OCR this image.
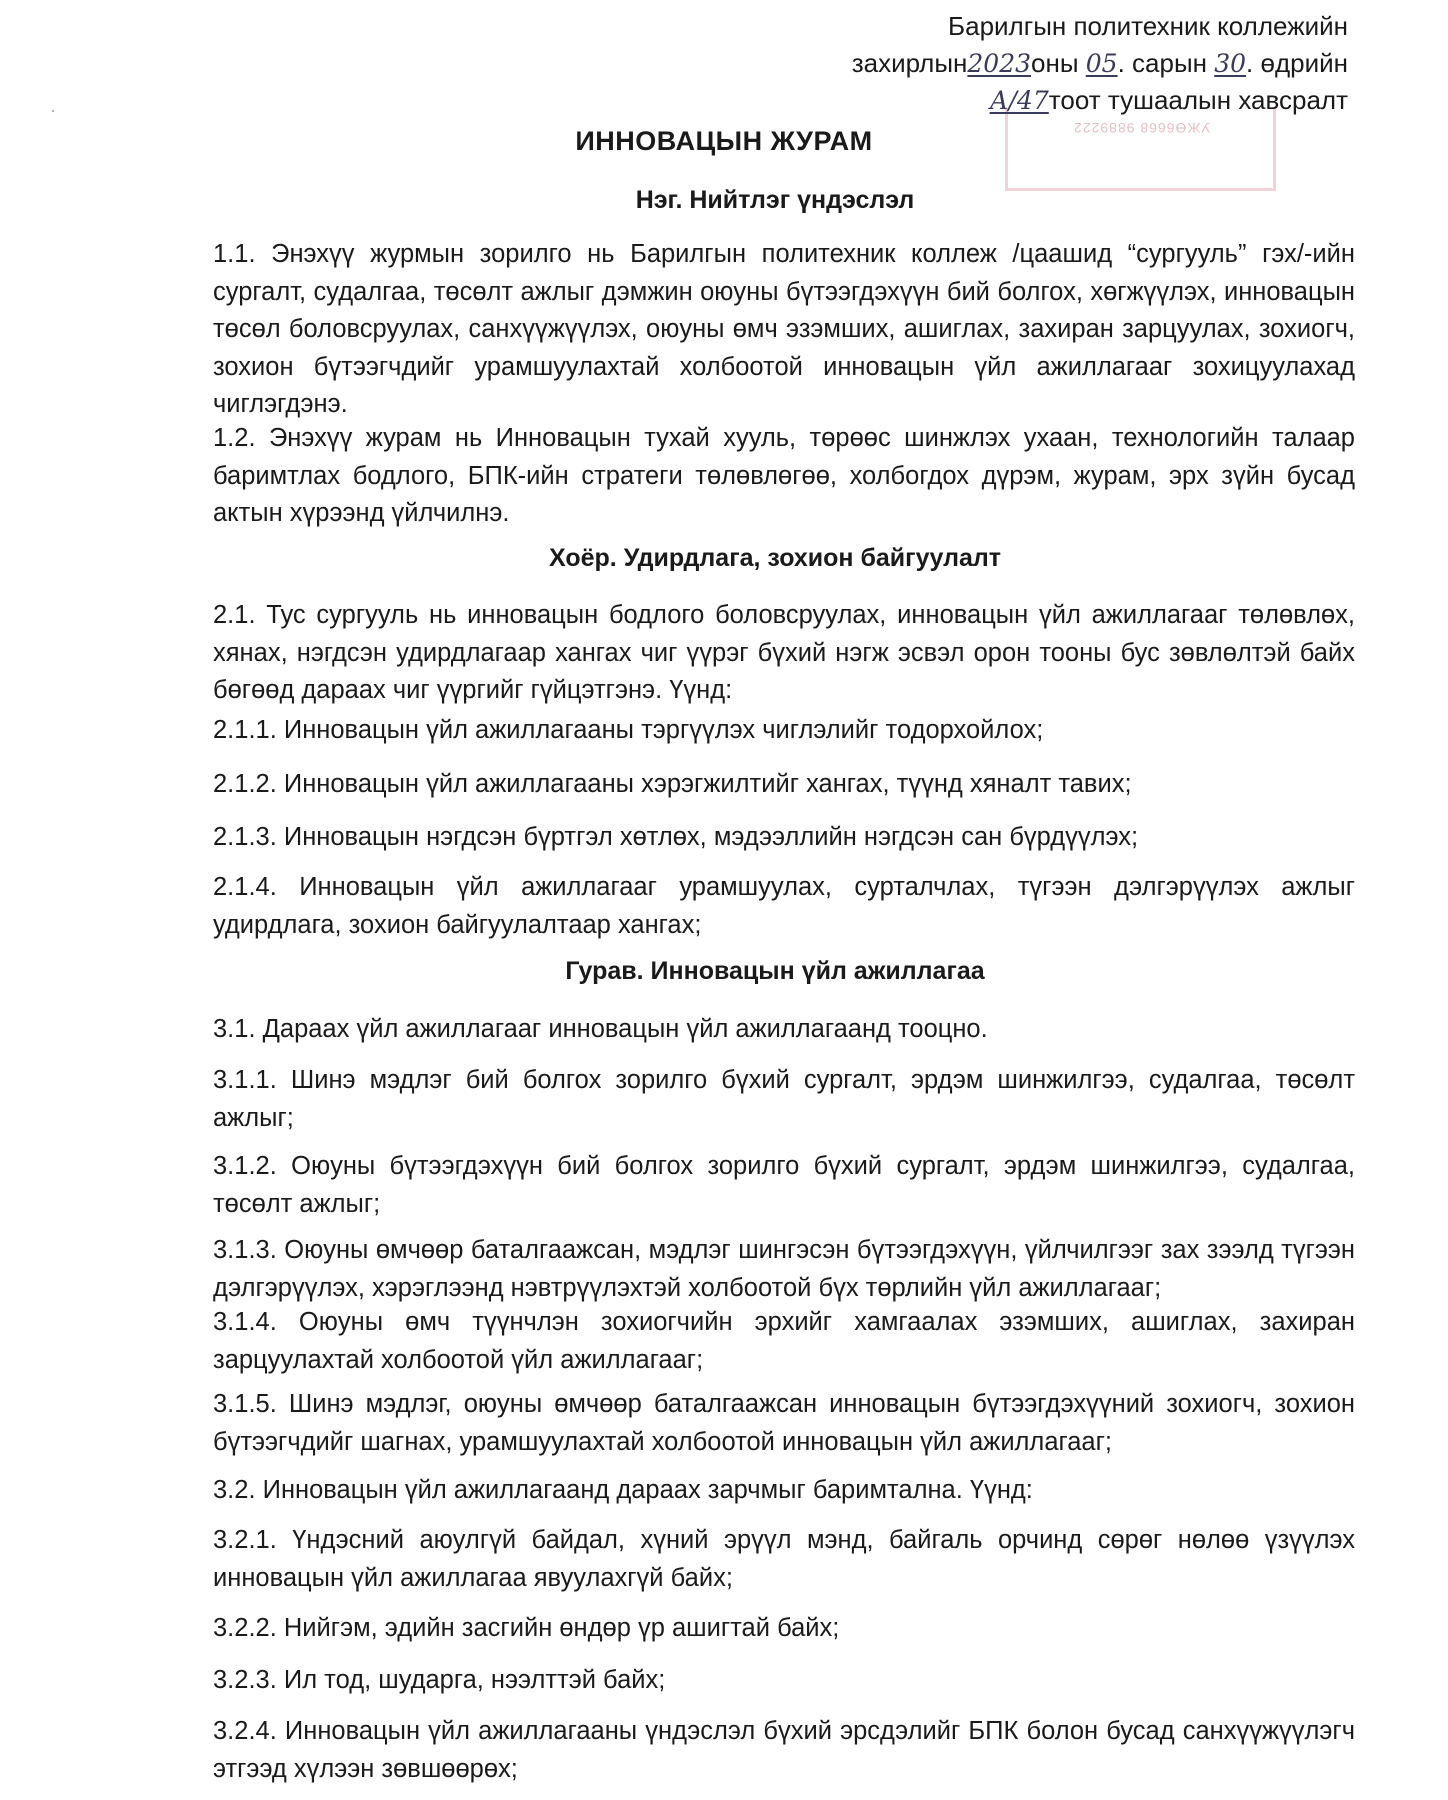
УЖӨ6668 9889222
Барилгын политехник коллежийн
захирлын2023оны 05. сарын 30. өдрийн
А/47тоот тушаалын хавсралт
ИННОВАЦЫН ЖУРАМ
Нэг. Нийтлэг үндэслэл

1.1. Энэхүү журмын зорилго нь Барилгын политехник коллеж /цаашид “сургууль” гэх/-ийн сургалт, судалгаа, төсөлт ажлыг дэмжин оюуны бүтээгдэхүүн бий болгох, хөгжүүлэх, инновацын төсөл боловсруулах, санхүүжүүлэх, оюуны өмч эзэмших, ашиглах, захиран зарцуулах, зохиогч, зохион бүтээгчдийг урамшуулахтай холбоотой инновацын үйл ажиллагааг зохицуулахад чиглэгдэнэ.

1.2. Энэхүү журам нь Инновацын тухай хууль, төрөөс шинжлэх ухаан, технологийн талаар баримтлах бодлого, БПК-ийн стратеги төлөвлөгөө, холбогдох дүрэм, журам, эрх зүйн бусад актын хүрээнд үйлчилнэ.

Хоёр. Удирдлага, зохион байгуулалт

2.1. Тус сургууль нь инновацын бодлого боловсруулах, инновацын үйл ажиллагааг төлөвлөх, хянах, нэгдсэн удирдлагаар хангах чиг үүрэг бүхий нэгж эсвэл орон тооны бус зөвлөлтэй байх бөгөөд дараах чиг үүргийг гүйцэтгэнэ. Үүнд:

2.1.1. Инновацын үйл ажиллагааны тэргүүлэх чиглэлийг тодорхойлох;

2.1.2. Инновацын үйл ажиллагааны хэрэгжилтийг хангах, түүнд хяналт тавих;

2.1.3. Инновацын нэгдсэн бүртгэл хөтлөх, мэдээллийн нэгдсэн сан бүрдүүлэх;

2.1.4. Инновацын үйл ажиллагааг урамшуулах, сурталчлах, түгээн дэлгэрүүлэх ажлыг удирдлага, зохион байгуулалтаар хангах;

Гурав. Инновацын үйл ажиллагаа

3.1. Дараах үйл ажиллагааг инновацын үйл ажиллагаанд тооцно.

3.1.1. Шинэ мэдлэг бий болгох зорилго бүхий сургалт, эрдэм шинжилгээ, судалгаа, төсөлт ажлыг;

3.1.2. Оюуны бүтээгдэхүүн бий болгох зорилго бүхий сургалт, эрдэм шинжилгээ, судалгаа, төсөлт ажлыг;

3.1.3. Оюуны өмчөөр баталгаажсан, мэдлэг шингэсэн бүтээгдэхүүн, үйлчилгээг зах зээлд түгээн дэлгэрүүлэх, хэрэглээнд нэвтрүүлэхтэй холбоотой бүх төрлийн үйл ажиллагааг;

3.1.4. Оюуны өмч түүнчлэн зохиогчийн эрхийг хамгаалах эзэмших, ашиглах, захиран зарцуулахтай холбоотой үйл ажиллагааг;

3.1.5. Шинэ мэдлэг, оюуны өмчөөр баталгаажсан инновацын бүтээгдэхүүний зохиогч, зохион бүтээгчдийг шагнах, урамшуулахтай холбоотой инновацын үйл ажиллагааг;

3.2. Инновацын үйл ажиллагаанд дараах зарчмыг баримтална. Үүнд:

3.2.1. Үндэсний аюулгүй байдал, хүний эрүүл мэнд, байгаль орчинд сөрөг нөлөө үзүүлэх инновацын үйл ажиллагаа явуулахгүй байх;

3.2.2. Нийгэм, эдийн засгийн өндөр үр ашигтай байх;

3.2.3. Ил тод, шударга, нээлттэй байх;

3.2.4. Инновацын үйл ажиллагааны үндэслэл бүхий эрсдэлийг БПК болон бусад санхүүжүүлэгч этгээд хүлээн зөвшөөрөх;
